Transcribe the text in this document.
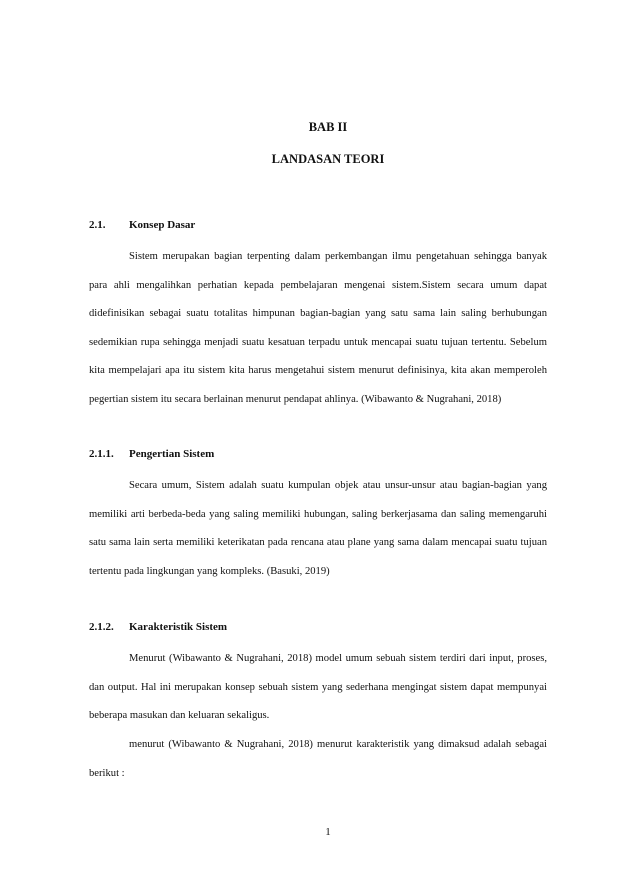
BAB II
LANDASAN TEORI
2.1. Konsep Dasar

Sistem merupakan bagian terpenting dalam perkembangan ilmu pengetahuan sehingga banyak para ahli mengalihkan perhatian kepada pembelajaran mengenai sistem.Sistem secara umum dapat didefinisikan sebagai suatu totalitas himpunan bagian-bagian yang satu sama lain saling berhubungan sedemikian rupa sehingga menjadi suatu kesatuan terpadu untuk mencapai suatu tujuan tertentu. Sebelum kita mempelajari apa itu sistem kita harus mengetahui sistem menurut definisinya, kita akan memperoleh pegertian sistem itu secara berlainan menurut pendapat ahlinya. (Wibawanto & Nugrahani, 2018)

2.1.1. Pengertian Sistem

Secara umum, Sistem adalah suatu kumpulan objek atau unsur-unsur atau bagian-bagian yang memiliki arti berbeda-beda yang saling memiliki hubungan, saling berkerjasama dan saling memengaruhi satu sama lain serta memiliki keterikatan pada rencana atau plane yang sama dalam mencapai suatu tujuan tertentu pada lingkungan yang kompleks. (Basuki, 2019)

2.1.2. Karakteristik Sistem

Menurut (Wibawanto & Nugrahani, 2018) model umum sebuah sistem terdiri dari input, proses, dan output. Hal ini merupakan konsep sebuah sistem yang sederhana mengingat sistem dapat mempunyai beberapa masukan dan keluaran sekaligus.

menurut (Wibawanto & Nugrahani, 2018) menurut karakteristik yang dimaksud adalah sebagai berikut :

1
